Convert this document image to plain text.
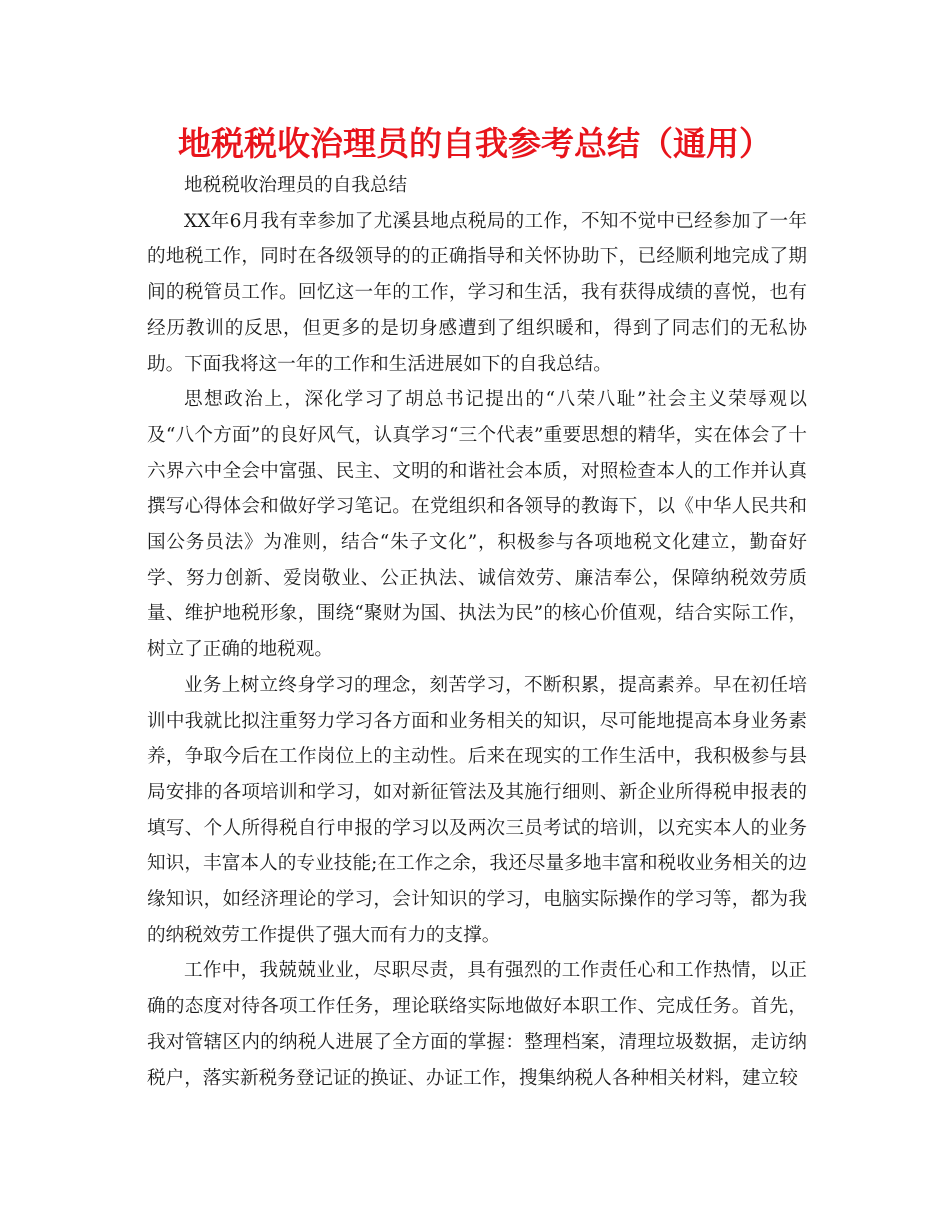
地税税收治理员的自我参考总结（通用）

地税税收治理员的自我总结

XX年6月我有幸参加了尤溪县地点税局的工作，不知不觉中已经参加了一年的地税工作，同时在各级领导的的正确指导和关怀协助下，已经顺利地完成了期间的税管员工作。回忆这一年的工作，学习和生活，我有获得成绩的喜悦，也有经历教训的反思，但更多的是切身感遭到了组织暖和，得到了同志们的无私协助。下面我将这一年的工作和生活进展如下的自我总结。

思想政治上，深化学习了胡总书记提出的“八荣八耻”社会主义荣辱观以及“八个方面”的良好风气，认真学习“三个代表”重要思想的精华，实在体会了十六界六中全会中富强、民主、文明的和谐社会本质，对照检查本人的工作并认真撰写心得体会和做好学习笔记。在党组织和各领导的教诲下，以《中华人民共和国公务员法》为准则，结合“朱子文化”，积极参与各项地税文化建立，勤奋好学、努力创新、爱岗敬业、公正执法、诚信效劳、廉洁奉公，保障纳税效劳质量、维护地税形象，围绕“聚财为国、执法为民”的核心价值观，结合实际工作，树立了正确的地税观。

业务上树立终身学习的理念，刻苦学习，不断积累，提高素养。早在初任培训中我就比拟注重努力学习各方面和业务相关的知识，尽可能地提高本身业务素养，争取今后在工作岗位上的主动性。后来在现实的工作生活中，我积极参与县局安排的各项培训和学习，如对新征管法及其施行细则、新企业所得税申报表的填写、个人所得税自行申报的学习以及两次三员考试的培训，以充实本人的业务知识，丰富本人的专业技能;在工作之余，我还尽量多地丰富和税收业务相关的边缘知识，如经济理论的学习，会计知识的学习，电脑实际操作的学习等，都为我的纳税效劳工作提供了强大而有力的支撑。

工作中，我兢兢业业，尽职尽责，具有强烈的工作责任心和工作热情，以正确的态度对待各项工作任务，理论联络实际地做好本职工作、完成任务。首先，我对管辖区内的纳税人进展了全方面的掌握：整理档案，清理垃圾数据，走访纳税户，落实新税务登记证的换证、办证工作，搜集纳税人各种相关材料，建立较
